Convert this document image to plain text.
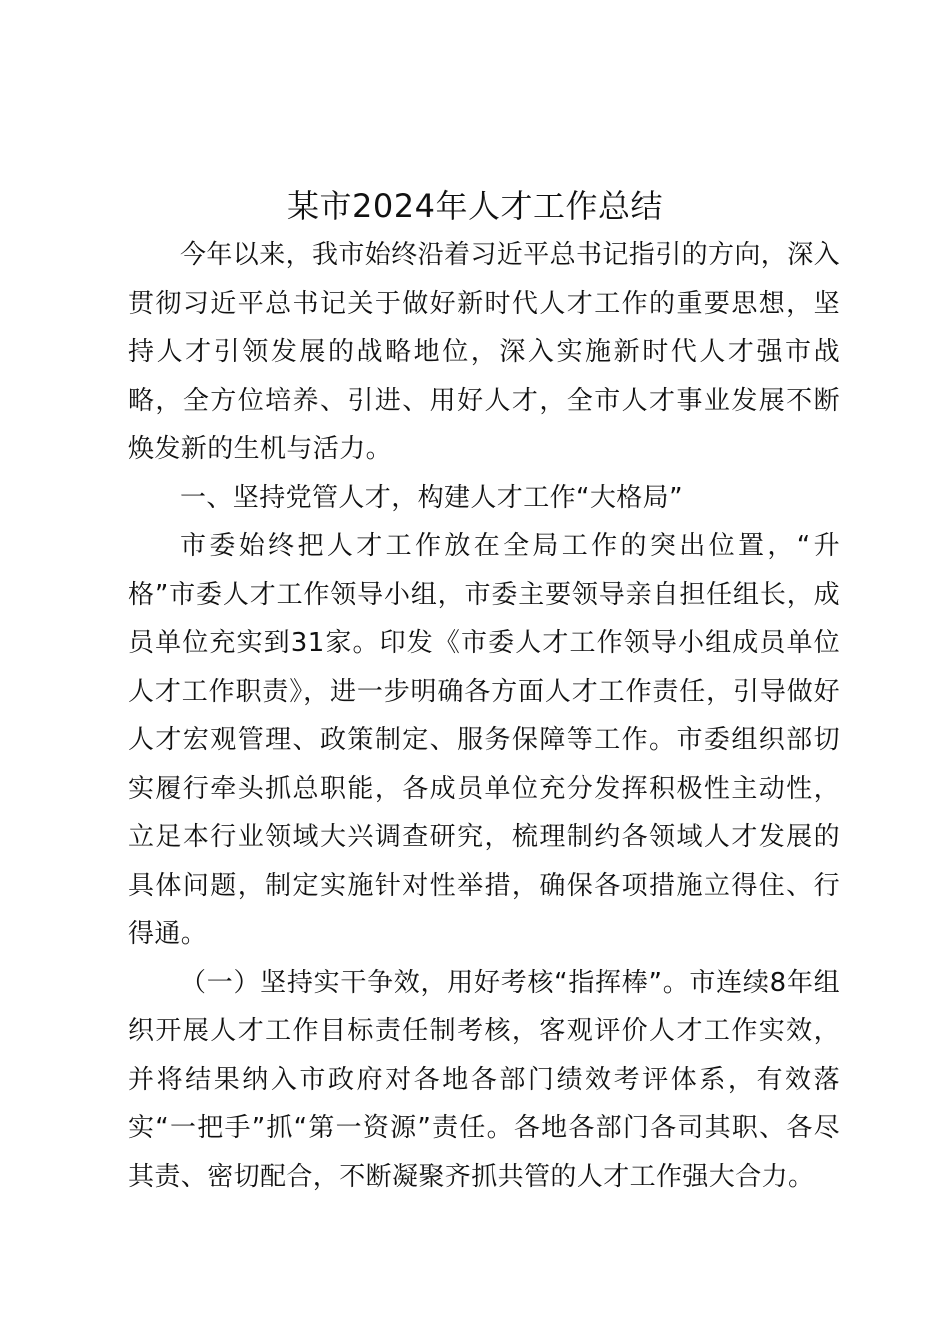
某市2024年人才工作总结

今年以来，我市始终沿着习近平总书记指引的方向，深入贯彻习近平总书记关于做好新时代人才工作的重要思想，坚持人才引领发展的战略地位，深入实施新时代人才强市战略，全方位培养、引进、用好人才，全市人才事业发展不断焕发新的生机与活力。

一、坚持党管人才，构建人才工作“大格局”

市委始终把人才工作放在全局工作的突出位置，“升格”市委人才工作领导小组，市委主要领导亲自担任组长，成员单位充实到31家。印发《市委人才工作领导小组成员单位人才工作职责》，进一步明确各方面人才工作责任，引导做好人才宏观管理、政策制定、服务保障等工作。市委组织部切实履行牵头抓总职能，各成员单位充分发挥积极性主动性，立足本行业领域大兴调查研究，梳理制约各领域人才发展的具体问题，制定实施针对性举措，确保各项措施立得住、行得通。

（一）坚持实干争效，用好考核“指挥棒”。市连续8年组织开展人才工作目标责任制考核，客观评价人才工作实效，并将结果纳入市政府对各地各部门绩效考评体系，有效落实“一把手”抓“第一资源”责任。各地各部门各司其职、各尽其责、密切配合，不断凝聚齐抓共管的人才工作强大合力。
